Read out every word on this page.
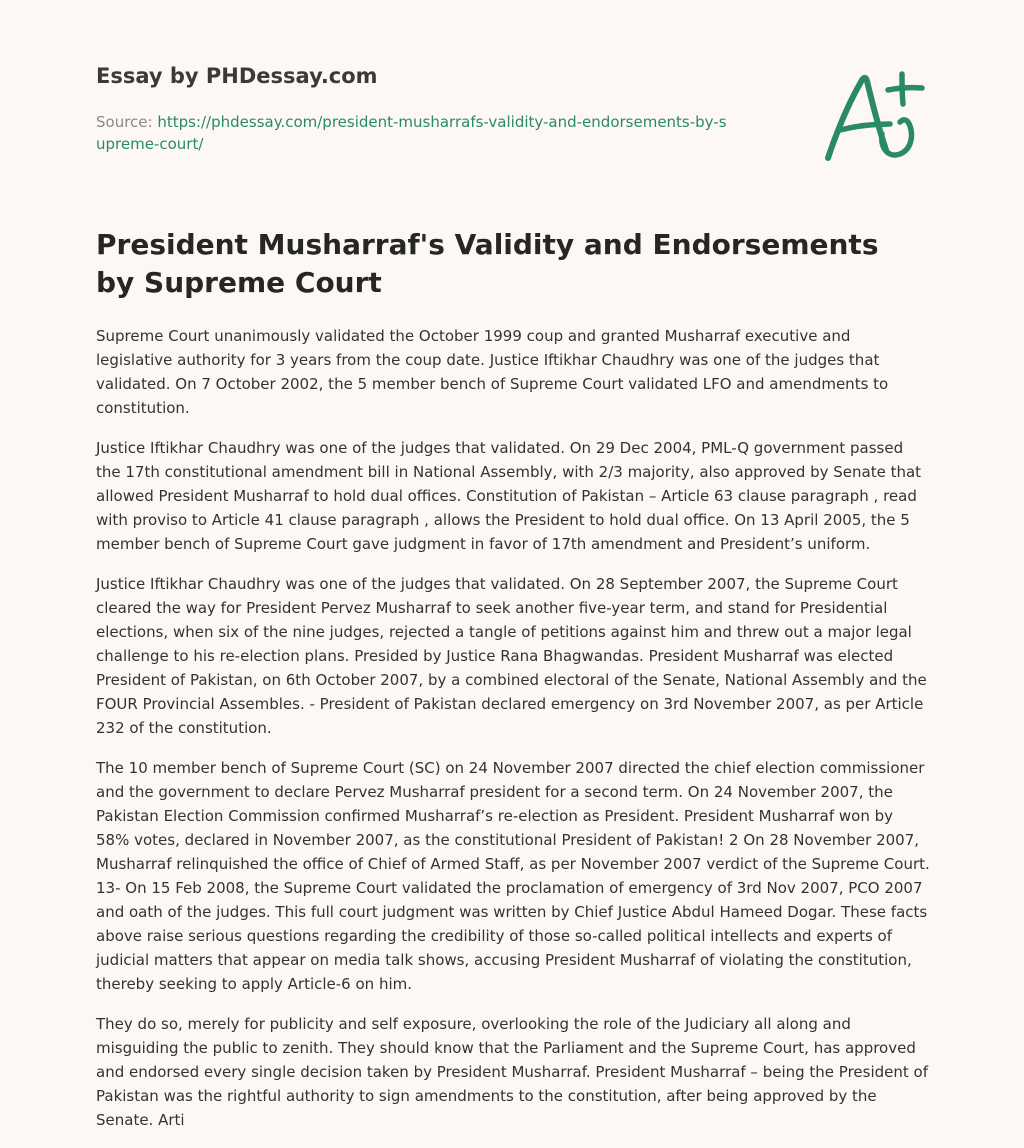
Essay by PHDessay.com
Source: https://phdessay.com/president-musharrafs-validity-and-endorsements-by-supreme-court/
President Musharraf's Validity and Endorsements by Supreme Court

Supreme Court unanimously validated the October 1999 coup and granted Musharraf executive and legislative authority for 3 years from the coup date. Justice Iftikhar Chaudhry was one of the judges that validated. On 7 October 2002, the 5 member bench of Supreme Court validated LFO and amendments to constitution.

Justice Iftikhar Chaudhry was one of the judges that validated. On 29 Dec 2004, PML-Q government passed the 17th constitutional amendment bill in National Assembly, with 2/3 majority, also approved by Senate that allowed President Musharraf to hold dual offices. Constitution of Pakistan – Article 63 clause paragraph , read with proviso to Article 41 clause paragraph , allows the President to hold dual office. On 13 April 2005, the 5 member bench of Supreme Court gave judgment in favor of 17th amendment and President’s uniform.

Justice Iftikhar Chaudhry was one of the judges that validated. On 28 September 2007, the Supreme Court cleared the way for President Pervez Musharraf to seek another five-year term, and stand for Presidential elections, when six of the nine judges, rejected a tangle of petitions against him and threw out a major legal challenge to his re-election plans. Presided by Justice Rana Bhagwandas. President Musharraf was elected President of Pakistan, on 6th October 2007, by a combined electoral of the Senate, National Assembly and the FOUR Provincial Assembles. - President of Pakistan declared emergency on 3rd November 2007, as per Article 232 of the constitution.

The 10 member bench of Supreme Court (SC) on 24 November 2007 directed the chief election commissioner and the government to declare Pervez Musharraf president for a second term. On 24 November 2007, the Pakistan Election Commission confirmed Musharraf’s re-election as President. President Musharraf won by 58% votes, declared in November 2007, as the constitutional President of Pakistan! 2 On 28 November 2007, Musharraf relinquished the office of Chief of Armed Staff, as per November 2007 verdict of the Supreme Court. 13- On 15 Feb 2008, the Supreme Court validated the proclamation of emergency of 3rd Nov 2007, PCO 2007 and oath of the judges. This full court judgment was written by Chief Justice Abdul Hameed Dogar. These facts above raise serious questions regarding the credibility of those so-called political intellects and experts of judicial matters that appear on media talk shows, accusing President Musharraf of violating the constitution, thereby seeking to apply Article-6 on him.

They do so, merely for publicity and self exposure, overlooking the role of the Judiciary all along and misguiding the public to zenith. They should know that the Parliament and the Supreme Court, has approved and endorsed every single decision taken by President Musharraf. President Musharraf – being the President of Pakistan was the rightful authority to sign amendments to the constitution, after being approved by the Senate. Arti
